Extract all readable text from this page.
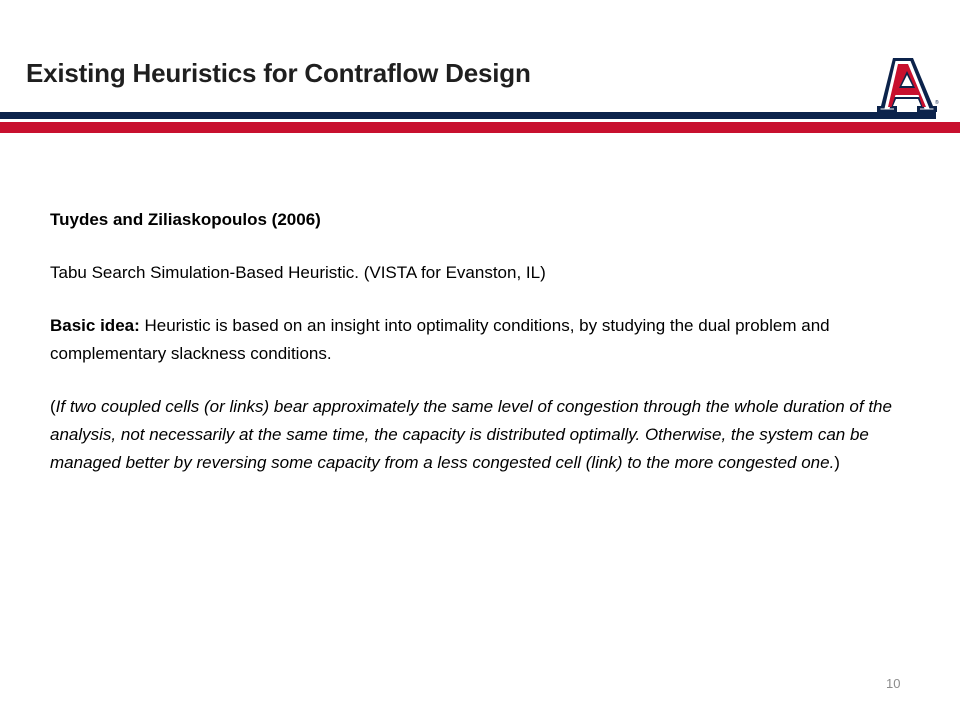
Existing Heuristics for Contraflow Design
®

Tuydes and Ziliaskopoulos (2006)

Tabu Search Simulation-Based Heuristic. (VISTA for Evanston, IL)

Basic idea: Heuristic is based on an insight into optimality conditions, by studying the dual problem and complementary slackness conditions.

(If two coupled cells (or links) bear approximately the same level of congestion through the whole duration of the analysis, not necessarily at the same time, the capacity is distributed optimally. Otherwise, the system can be managed better by reversing some capacity from a less congested cell (link) to the more congested one.)

10
